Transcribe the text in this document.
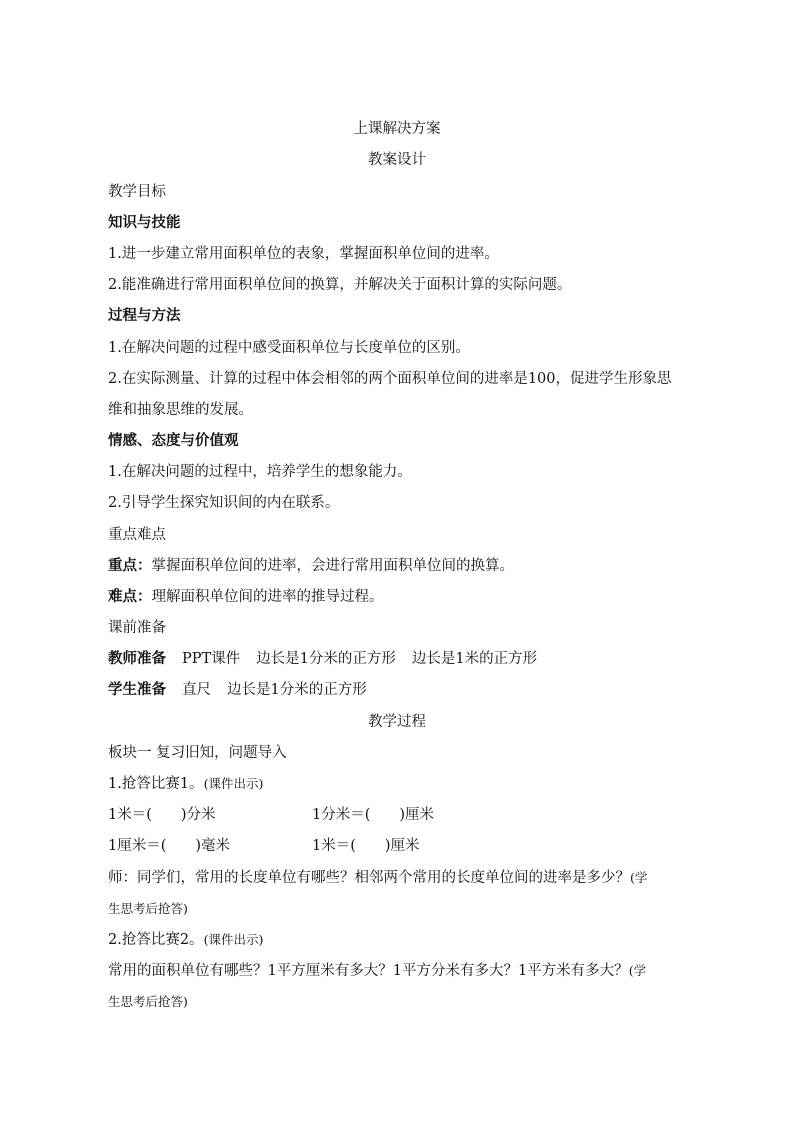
上课解决方案
教案设计
教学目标
知识与技能
1.进一步建立常用面积单位的表象，掌握面积单位间的进率。
2.能准确进行常用面积单位间的换算，并解决关于面积计算的实际问题。
过程与方法
1.在解决问题的过程中感受面积单位与长度单位的区别。
2.在实际测量、计算的过程中体会相邻的两个面积单位间的进率是100，促进学生形象思
维和抽象思维的发展。
情感、态度与价值观
1.在解决问题的过程中，培养学生的想象能力。
2.引导学生探究知识间的内在联系。
重点难点
重点：掌握面积单位间的进率，会进行常用面积单位间的换算。
难点：理解面积单位间的进率的推导过程。
课前准备
教师准备 PPT课件 边长是1分米的正方形 边长是1米的正方形
学生准备 直尺 边长是1分米的正方形
教学过程
板块一 复习旧知，问题导入
1.抢答比赛1。(课件出示)
1米＝(　　)分米	1分米＝(　　)厘米
1厘米＝(　　)毫米	1米＝(　　)厘米
师：同学们，常用的长度单位有哪些？相邻两个常用的长度单位间的进率是多少？(学
生思考后抢答)
2.抢答比赛2。(课件出示)
常用的面积单位有哪些？1平方厘米有多大？1平方分米有多大？1平方米有多大？(学
生思考后抢答)
